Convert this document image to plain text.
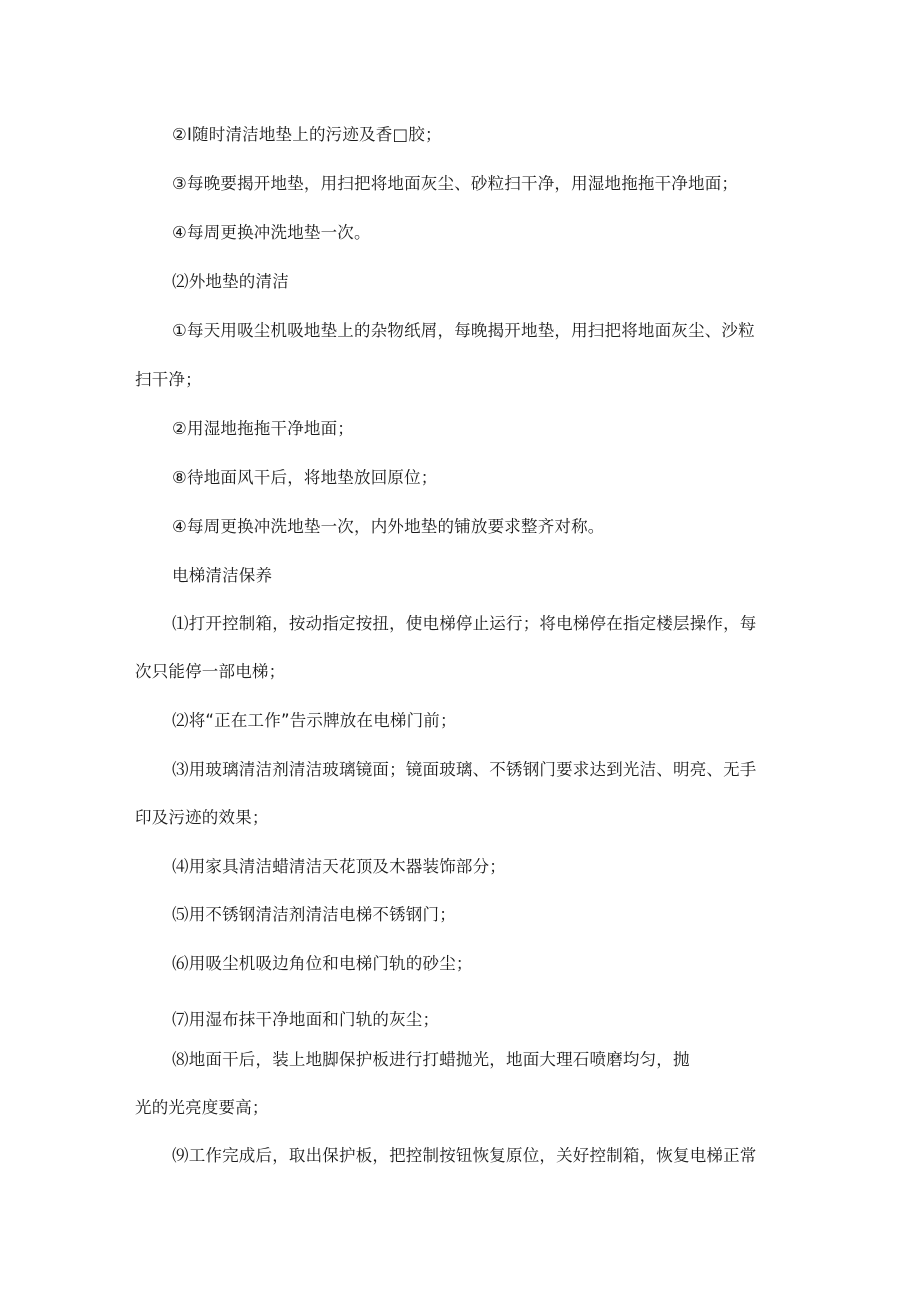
②I随时清洁地垫上的污迹及香□胶；
③每晚要揭开地垫，用扫把将地面灰尘、砂粒扫干净，用湿地拖拖干净地面；
④每周更换冲洗地垫一次。
⑵外地垫的清洁
①每天用吸尘机吸地垫上的杂物纸屑，每晚揭开地垫，用扫把将地面灰尘、沙粒
扫干净；
②用湿地拖拖干净地面；
⑧待地面风干后，将地垫放回原位；
④每周更换冲洗地垫一次，内外地垫的铺放要求整齐对称。
电梯清洁保养
⑴打开控制箱，按动指定按扭，使电梯停止运行；将电梯停在指定楼层操作，每
次只能停一部电梯；
⑵将“正在工作”告示牌放在电梯门前；
⑶用玻璃清洁剂清洁玻璃镜面；镜面玻璃、不锈钢门要求达到光洁、明亮、无手
印及污迹的效果；
⑷用家具清洁蜡清洁天花顶及木器装饰部分；
⑸用不锈钢清洁剂清洁电梯不锈钢门；
⑹用吸尘机吸边角位和电梯门轨的砂尘；
⑺用湿布抹干净地面和门轨的灰尘；
⑻地面干后，装上地脚保护板进行打蜡抛光，地面大理石喷磨均匀，抛
光的光亮度要高；
⑼工作完成后，取出保护板，把控制按钮恢复原位，关好控制箱，恢复电梯正常
